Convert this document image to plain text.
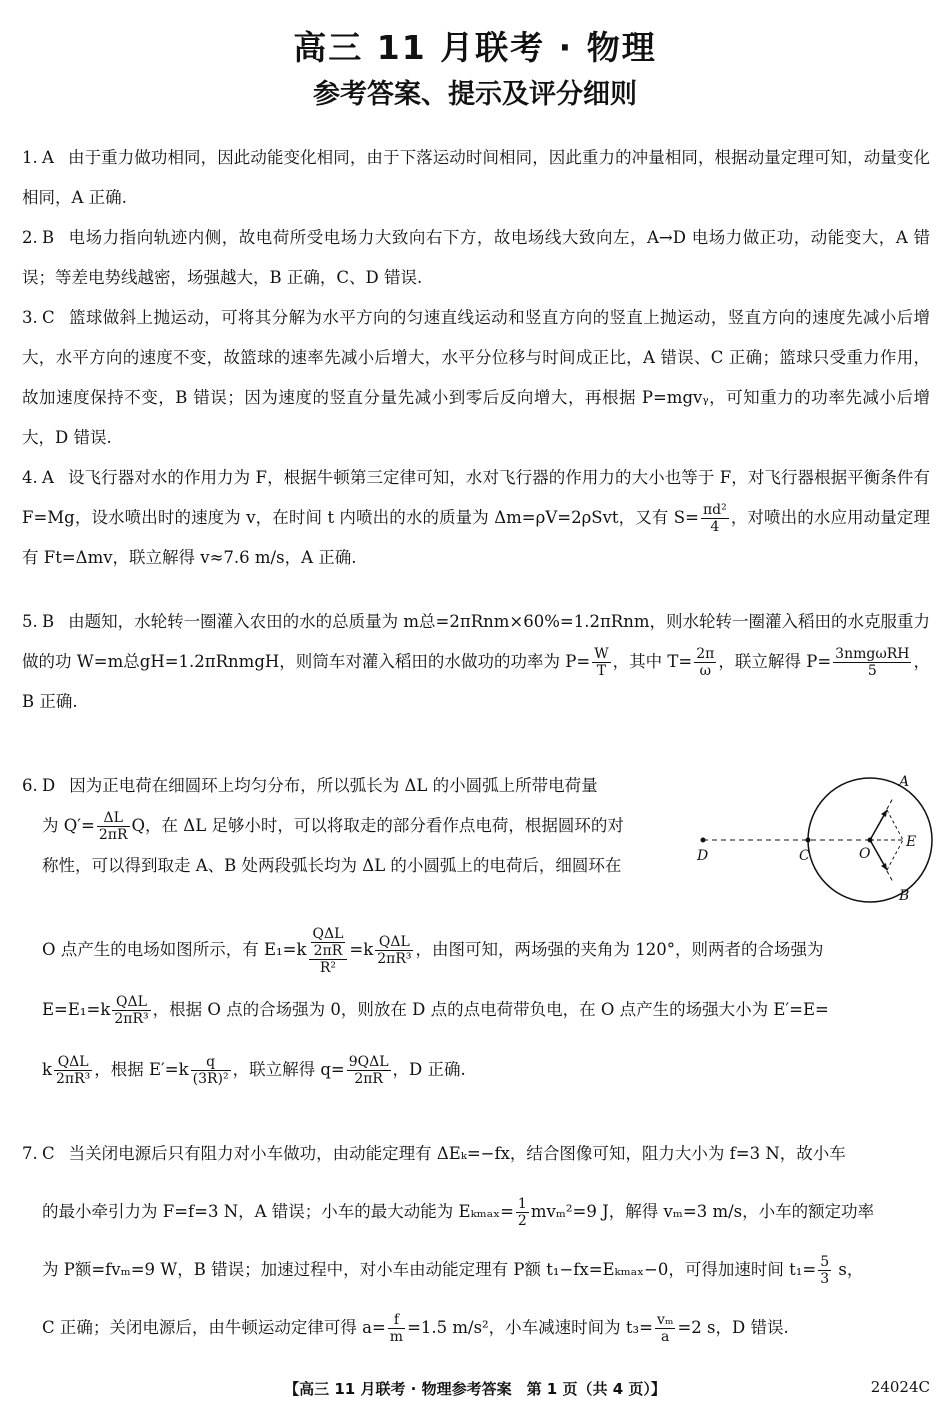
高三 11 月联考 · 物理
参考答案、提示及评分细则

1. A 由于重力做功相同，因此动能变化相同，由于下落运动时间相同，因此重力的冲量相同，根据动量定理可知，动量变化相同，A 正确.

2. B 电场力指向轨迹内侧，故电荷所受电场力大致向右下方，故电场线大致向左，A→D 电场力做正功，动能变大，A 错误；等差电势线越密，场强越大，B 正确，C、D 错误.

3. C 篮球做斜上抛运动，可将其分解为水平方向的匀速直线运动和竖直方向的竖直上抛运动，竖直方向的速度先减小后增大，水平方向的速度不变，故篮球的速率先减小后增大，水平分位移与时间成正比，A 错误、C 正确；篮球只受重力作用，故加速度保持不变，B 错误；因为速度的竖直分量先减小到零后反向增大，再根据 P=mgvᵧ，可知重力的功率先减小后增大，D 错误.

4. A 设飞行器对水的作用力为 F，根据牛顿第三定律可知，水对飞行器的作用力的大小也等于 F，对飞行器根据平衡条件有 F=Mg，设水喷出时的速度为 v，在时间 t 内喷出的水的质量为 Δm=ρV=2ρSvt，又有 $S= \frac{\text{πd²}}{4}$ ，对喷出的水应用动量定理有 Ft=Δmv，联立解得 v≈7.6 m/s，A 正确.

5. B 由题知，水轮转一圈灌入农田的水的总质量为 m总=2πRnm×60%=1.2πRnm，则水轮转一圈灌入稻田的水克服重力做的功 W=m总gH=1.2πRnmgH，则筒车对灌入稻田的水做功的功率为 $P= \frac{W}{T}$ ，其中 $T= \frac{2\pi}{\omega}$ ，联立解得 $P= \frac{\text{3nmgωRH}}{5}$ ，B 正确.

6. D 因为正电荷在细圆环上均匀分布，所以弧长为 ΔL 的小圆弧上所带电荷量
为 $Q'= \frac{\Delta L}{2\pi R}$ Q，在 ΔL 足够小时，可以将取走的部分看作点电荷，根据圆环的对
称性，可以得到取走 A、B 处两段弧长均为 ΔL 的小圆弧上的电荷后，细圆环在	D	C	O
E
A
B
O 点产生的电场如图所示，有 $E_1=k \frac{\frac{\text{QΔL}}{2\pi R}}{\text{R²}} =k \frac{\text{QΔL}}{\text{2πR³}}$ ，由图可知，两场强的夹角为 120°，则两者的合场强为
$E=E_1=k \frac{\text{QΔL}}{\text{2πR³}}$ ，根据 O 点的合场强为 0，则放在 D 点的点电荷带负电，在 O 点产生的场强大小为 E′=E=
k $\frac{\text{QΔL}}{\text{2πR³}}$ ，根据 $E'=k \frac{q}{\text{(3R)²}}$ ，联立解得 $q= \frac{\text{9QΔL}}{2\pi R}$ ，D 正确.
7. C 当关闭电源后只有阻力对小车做功，由动能定理有 ΔEₖ=−fx，结合图像可知，阻力大小为 f=3 N，故小车
的最小牵引力为 F=f=3 N，A 错误；小车的最大动能为 $E_{kmax}= \frac{1}{2} mv_m^2=9$ J，解得 vₘ=3 m/s，小车的额定功率
为 P额=fvₘ=9 W，B 错误；加速过程中，对小车由动能定理有 P额 t₁−fx=Eₖₘₐₓ−0，可得加速时间 $t_1= \frac{5}{3}$ s，
C 正确；关闭电源后，由牛顿运动定律可得 $a= \frac{f}{m} =1.5$ m/s²，小车减速时间为 $t_3= \frac{\text{vₘ}}{a} =2$ s，D 错误.
【高三 11 月联考 · 物理参考答案　第 1 页（共 4 页）】	24024C
